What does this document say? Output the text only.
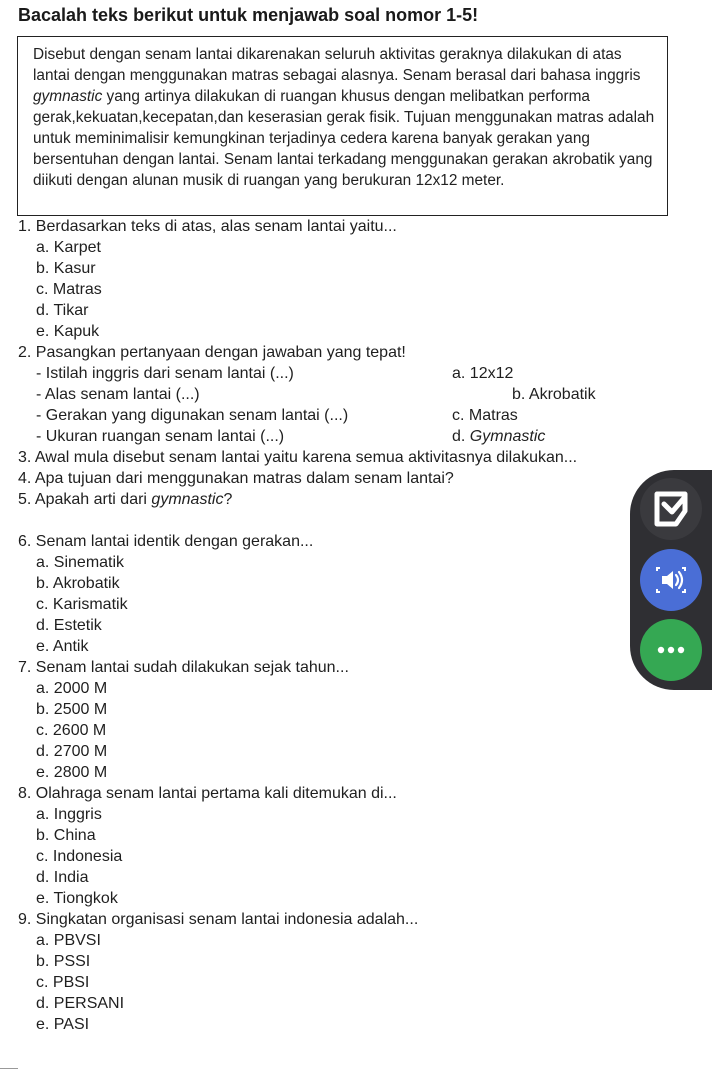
Bacalah teks berikut untuk menjawab soal nomor 1-5!
Disebut dengan senam lantai dikarenakan seluruh aktivitas geraknya dilakukan di atas lantai dengan menggunakan matras sebagai alasnya. Senam berasal dari bahasa inggris gymnastic yang artinya dilakukan di ruangan khusus dengan melibatkan performa gerak,kekuatan,kecepatan,dan keserasian gerak fisik. Tujuan menggunakan matras adalah untuk meminimalisir kemungkinan terjadinya cedera karena banyak gerakan yang bersentuhan dengan lantai. Senam lantai terkadang menggunakan gerakan akrobatik yang diikuti dengan alunan musik di ruangan yang berukuran 12x12 meter.
1. Berdasarkan teks di atas, alas senam lantai yaitu...
a. Karpet
b. Kasur
c. Matras
d. Tikar
e. Kapuk
2. Pasangkan pertanyaan dengan jawaban yang tepat!
- Istilah inggris dari senam lantai (...)
- Alas senam lantai (...)
- Gerakan yang digunakan senam lantai (...)
- Ukuran ruangan senam lantai (...)
a. 12x12
b. Akrobatik
c. Matras
d. Gymnastic
3. Awal mula disebut senam lantai yaitu karena semua aktivitasnya dilakukan...
4. Apa tujuan dari menggunakan matras dalam senam lantai?
5. Apakah arti dari gymnastic?
6. Senam lantai identik dengan gerakan...
a. Sinematik
b. Akrobatik
c. Karismatik
d. Estetik
e. Antik
7. Senam lantai sudah dilakukan sejak tahun...
a. 2000 M
b. 2500 M
c. 2600 M
d. 2700 M
e. 2800 M
8. Olahraga senam lantai pertama kali ditemukan di...
a. Inggris
b. China
c. Indonesia
d. India
e. Tiongkok
9. Singkatan organisasi senam lantai indonesia adalah...
a. PBVSI
b. PSSI
c. PBSI
d. PERSANI
e. PASI
